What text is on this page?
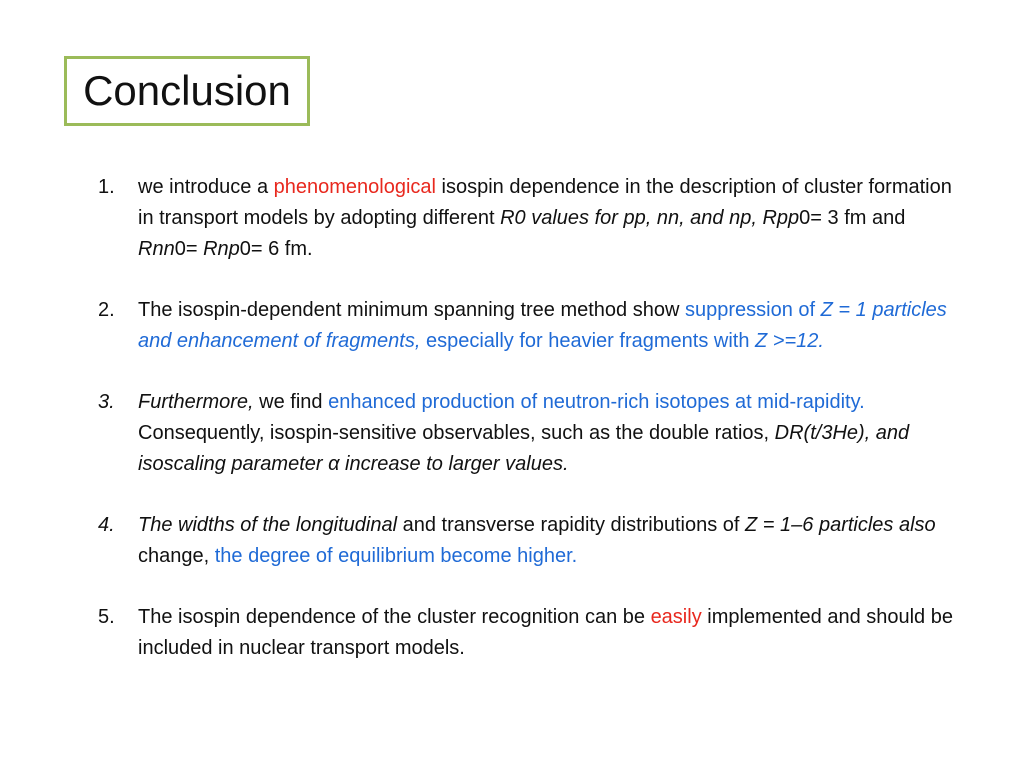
Conclusion
1. we introduce a phenomenological isospin dependence in the description of cluster formation in transport models by adopting different R0 values for pp, nn, and np, Rpp0= 3 fm and Rnn0= Rnp0= 6 fm.
2. The isospin-dependent minimum spanning tree method show suppression of Z = 1 particles and enhancement of fragments, especially for heavier fragments with Z >=12.
3. Furthermore, we find enhanced production of neutron-rich isotopes at mid-rapidity. Consequently, isospin-sensitive observables, such as the double ratios, DR(t/3He), and isoscaling parameter α increase to larger values.
4. The widths of the longitudinal and transverse rapidity distributions of Z = 1–6 particles also change, the degree of equilibrium become higher.
5. The isospin dependence of the cluster recognition can be easily implemented and should be included in nuclear transport models.
